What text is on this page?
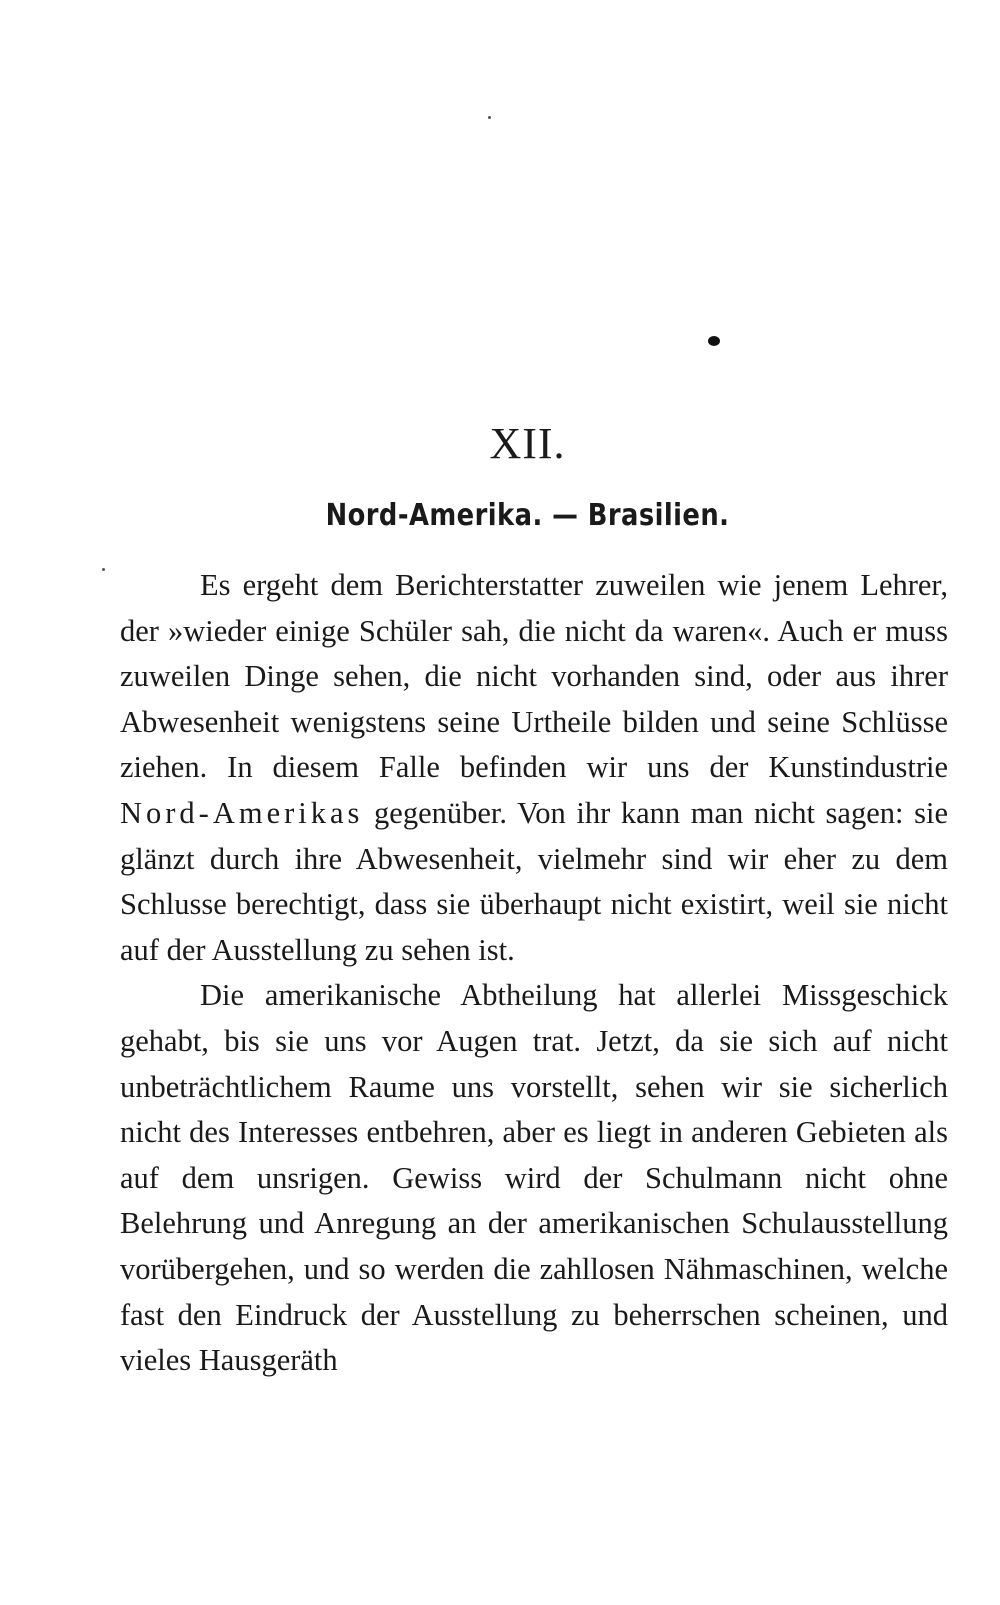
XII.
Nord-Amerika. — Brasilien.

Es ergeht dem Berichterstatter zuweilen wie jenem Lehrer, der »wieder einige Schüler sah, die nicht da waren«. Auch er muss zuweilen Dinge sehen, die nicht vorhanden sind, oder aus ihrer Abwesenheit wenigstens seine Urtheile bilden und seine Schlüsse ziehen. In diesem Falle befinden wir uns der Kunstindustrie Nord-Amerikas gegenüber. Von ihr kann man nicht sagen: sie glänzt durch ihre Abwesenheit, vielmehr sind wir eher zu dem Schlusse berechtigt, dass sie überhaupt nicht existirt, weil sie nicht auf der Ausstellung zu sehen ist.

Die amerikanische Abtheilung hat allerlei Missgeschick gehabt, bis sie uns vor Augen trat. Jetzt, da sie sich auf nicht unbeträchtlichem Raume uns vorstellt, sehen wir sie sicherlich nicht des Interesses entbehren, aber es liegt in anderen Gebieten als auf dem unsrigen. Gewiss wird der Schulmann nicht ohne Belehrung und Anregung an der amerikanischen Schulausstellung vorübergehen, und so werden die zahllosen Nähmaschinen, welche fast den Eindruck der Ausstellung zu beherrschen scheinen, und vieles Hausgeräth
